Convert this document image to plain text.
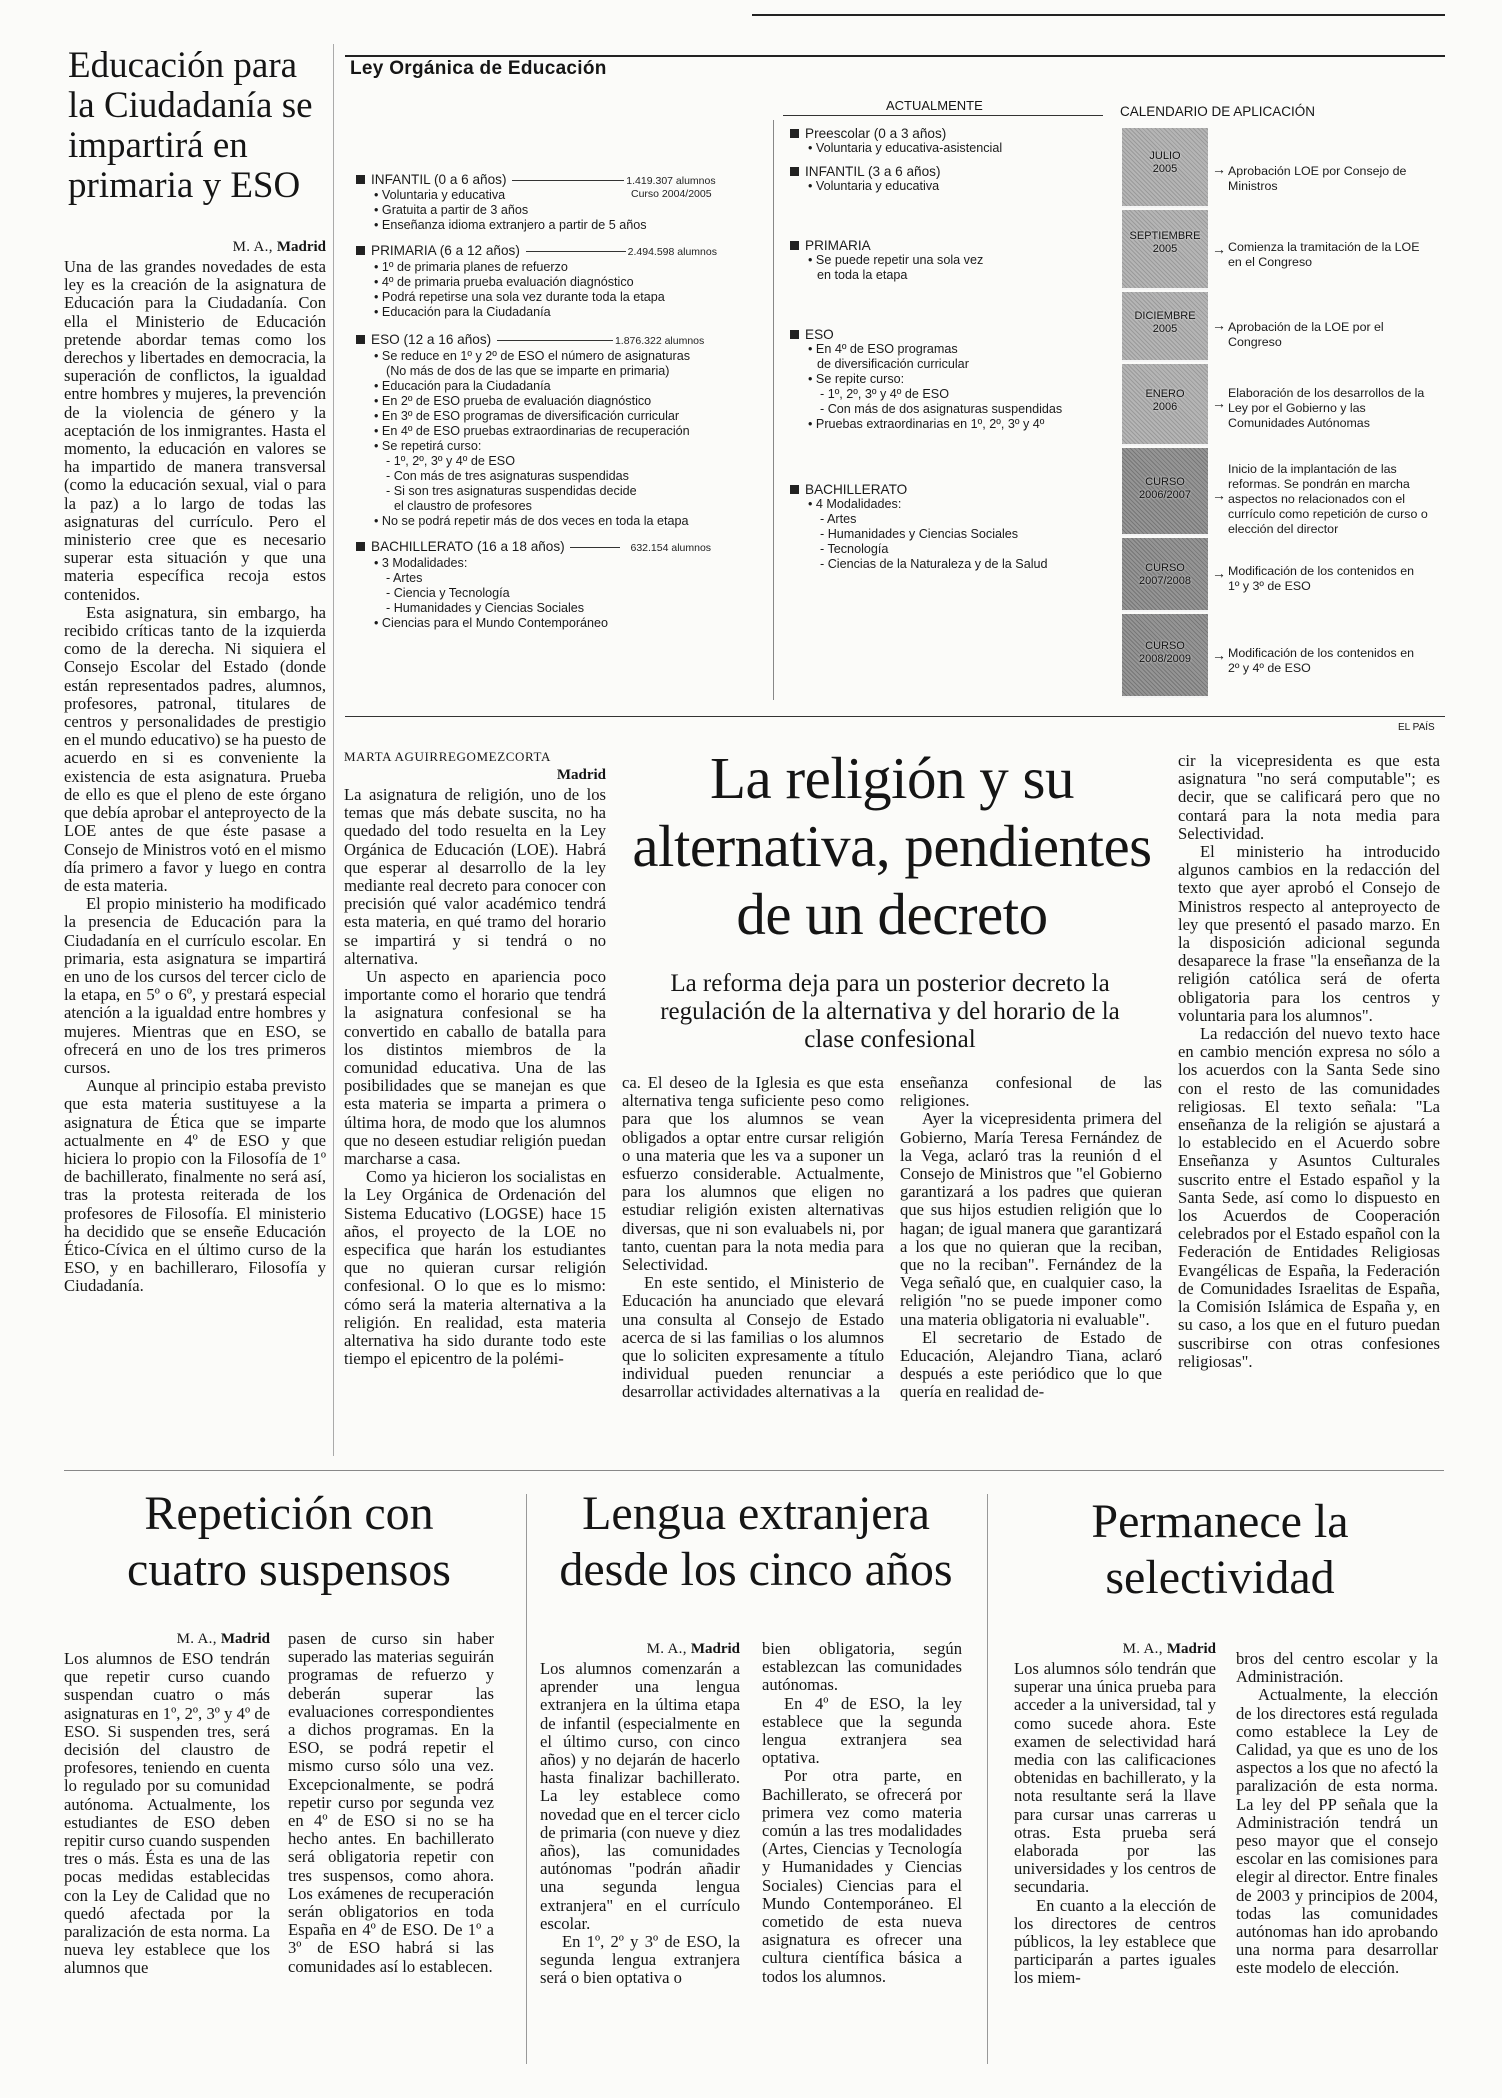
Educación para la Ciudadanía se impartirá en primaria y ESO
M. A., Madrid

Una de las grandes novedades de esta ley es la creación de la asignatura de Educación para la Ciudadanía. Con ella el Ministerio de Educación pretende abordar temas como los derechos y libertades en democracia, la superación de conflictos, la igualdad entre hombres y mujeres, la prevención de la violencia de género y la aceptación de los inmigrantes. Hasta el momento, la educación en valores se ha impartido de manera transversal (como la educación sexual, vial o para la paz) a lo largo de todas las asignaturas del currículo. Pero el ministerio cree que es necesario superar esta situación y que una materia específica recoja estos contenidos.

Esta asignatura, sin embargo, ha recibido críticas tanto de la izquierda como de la derecha. Ni siquiera el Consejo Escolar del Estado (donde están representados padres, alumnos, profesores, patronal, titulares de centros y personalidades de prestigio en el mundo educativo) se ha puesto de acuerdo en si es conveniente la existencia de esta asignatura. Prueba de ello es que el pleno de este órgano que debía aprobar el anteproyecto de la LOE antes de que éste pasase a Consejo de Ministros votó en el mismo día primero a favor y luego en contra de esta materia.

El propio ministerio ha modificado la presencia de Educación para la Ciudadanía en el currículo escolar. En primaria, esta asignatura se impartirá en uno de los cursos del tercer ciclo de la etapa, en 5º o 6º, y prestará especial atención a la igualdad entre hombres y mujeres. Mientras que en ESO, se ofrecerá en uno de los tres primeros cursos.

Aunque al principio estaba previsto que esta materia sustituyese a la asignatura de Ética que se imparte actualmente en 4º de ESO y que hiciera lo propio con la Filosofía de 1º de bachillerato, finalmente no será así, tras la protesta reiterada de los profesores de Filosofía. El ministerio ha decidido que se enseñe Educación Ético-Cívica en el último curso de la ESO, y en bachilleraro, Filosofía y Ciudadanía.

Ley Orgánica de Educación
INFANTIL (0 a 6 años)	1.419.307 alumnos
Curso 2004/2005
• Voluntaria y educativa
• Gratuita a partir de 3 años
• Enseñanza idioma extranjero a partir de 5 años
PRIMARIA (6 a 12 años)	2.494.598 alumnos
• 1º de primaria planes de refuerzo
• 4º de primaria prueba evaluación diagnóstico
• Podrá repetirse una sola vez durante toda la etapa
• Educación para la Ciudadanía
ESO (12 a 16 años)	1.876.322 alumnos
• Se reduce en 1º y 2º de ESO el número de asignaturas
(No más de dos de las que se imparte en primaria)
• Educación para la Ciudadanía
• En 2º de ESO prueba de evaluación diagnóstico
• En 3º de ESO programas de diversificación curricular
• En 4º de ESO pruebas extraordinarias de recuperación
• Se repetirá curso:
- 1º, 2º, 3º y 4º de ESO
- Con más de tres asignaturas suspendidas
- Si son tres asignaturas suspendidas decide
el claustro de profesores
• No se podrá repetir más de dos veces en toda la etapa
BACHILLERATO (16 a 18 años)	632.154 alumnos
• 3 Modalidades:
- Artes
- Ciencia y Tecnología
- Humanidades y Ciencias Sociales
• Ciencias para el Mundo Contemporáneo
ACTUALMENTE
Preescolar (0 a 3 años)
• Voluntaria y educativa-asistencial
INFANTIL (3 a 6 años)
• Voluntaria y educativa
PRIMARIA
• Se puede repetir una sola vez
en toda la etapa
ESO
• En 4º de ESO programas
de diversificación curricular
• Se repite curso:
- 1º, 2º, 3º y 4º de ESO
- Con más de dos asignaturas suspendidas
• Pruebas extraordinarias en 1º, 2º, 3º y 4º
BACHILLERATO
• 4 Modalidades:
- Artes
- Humanidades y Ciencias Sociales
- Tecnología
- Ciencias de la Naturaleza y de la Salud
CALENDARIO DE APLICACIÓN
JULIO
2005	→ Aprobación LOE por Consejo de Ministros
SEPTIEMBRE
2005	→ Comienza la tramitación de la LOE en el Congreso
DICIEMBRE
2005	→ Aprobación de la LOE por el Congreso
ENERO
2006	→
Elaboración de los desarrollos de la Ley por el Gobierno y las Comunidades Autónomas
CURSO
2006/2007	→
Inicio de la implantación de las reformas. Se pondrán en marcha aspectos no relacionados con el currículo como repetición de curso o elección del director
CURSO
2007/2008	→ Modificación de los contenidos en 1º y 3º de ESO
CURSO
2008/2009	→ Modificación de los contenidos en 2º y 4º de ESO
EL PAÍS
MARTA AGUIRREGOMEZCORTA
Madrid

La asignatura de religión, uno de los temas que más debate suscita, no ha quedado del todo resuelta en la Ley Orgánica de Educación (LOE). Habrá que esperar al desarrollo de la ley mediante real decreto para conocer con precisión qué valor académico tendrá esta materia, en qué tramo del horario se impartirá y si tendrá o no alternativa.

Un aspecto en apariencia poco importante como el horario que tendrá la asignatura confesional se ha convertido en caballo de batalla para los distintos miembros de la comunidad educativa. Una de las posibilidades que se manejan es que esta materia se imparta a primera o última hora, de modo que los alumnos que no deseen estudiar religión puedan marcharse a casa.

Como ya hicieron los socialistas en la Ley Orgánica de Ordenación del Sistema Educativo (LOGSE) hace 15 años, el proyecto de la LOE no especifica que harán los estudiantes que no quieran cursar religión confesional. O lo que es lo mismo: cómo será la materia alternativa a la religión. En realidad, esta materia alternativa ha sido durante todo este tiempo el epicentro de la polémi-

La religión y su alternativa, pendientes de un decreto
La reforma deja para un posterior decreto la regulación de la alternativa y del horario de la clase confesional

ca. El deseo de la Iglesia es que esta alternativa tenga suficiente peso como para que los alumnos se vean obligados a optar entre cursar religión o una materia que les va a suponer un esfuerzo considerable. Actualmente, para los alumnos que eligen no estudiar religión existen alternativas diversas, que ni son evaluabels ni, por tanto, cuentan para la nota media para Selectividad.

En este sentido, el Ministerio de Educación ha anunciado que elevará una consulta al Consejo de Estado acerca de si las familias o los alumnos que lo soliciten expresamente a título individual pueden renunciar a desarrollar actividades alternativas a la

enseñanza confesional de las religiones.

Ayer la vicepresidenta primera del Gobierno, María Teresa Fernández de la Vega, aclaró tras la reunión d el Consejo de Ministros que "el Gobierno garantizará a los padres que quieran que sus hijos estudien religión que lo hagan; de igual manera que garantizará a los que no quieran que la reciban, que no la reciban". Fernández de la Vega señaló que, en cualquier caso, la religión "no se puede imponer como una materia obligatoria ni evaluable".

El secretario de Estado de Educación, Alejandro Tiana, aclaró después a este periódico que lo que quería en realidad de-

cir la vicepresidenta es que esta asignatura "no será computable"; es decir, que se calificará pero que no contará para la nota media para Selectividad.

El ministerio ha introducido algunos cambios en la redacción del texto que ayer aprobó el Consejo de Ministros respecto al anteproyecto de ley que presentó el pasado marzo. En la disposición adicional segunda desaparece la frase "la enseñanza de la religión católica será de oferta obligatoria para los centros y voluntaria para los alumnos".

La redacción del nuevo texto hace en cambio mención expresa no sólo a los acuerdos con la Santa Sede sino con el resto de las comunidades religiosas. El texto señala: "La enseñanza de la religión se ajustará a lo establecido en el Acuerdo sobre Enseñanza y Asuntos Culturales suscrito entre el Estado español y la Santa Sede, así como lo dispuesto en los Acuerdos de Cooperación celebrados por el Estado español con la Federación de Entidades Religiosas Evangélicas de España, la Federación de Comunidades Israelitas de España, la Comisión Islámica de España y, en su caso, a los que en el futuro puedan suscribirse con otras confesiones religiosas".

Repetición con cuatro suspensos
M. A., Madrid

Los alumnos de ESO tendrán que repetir curso cuando suspendan cuatro o más asignaturas en 1º, 2º, 3º y 4º de ESO. Si suspenden tres, será decisión del claustro de profesores, teniendo en cuenta lo regulado por su comunidad autónoma. Actualmente, los estudiantes de ESO deben repitir curso cuando suspenden tres o más. Ésta es una de las pocas medidas establecidas con la Ley de Calidad que no quedó afectada por la paralización de esta norma. La nueva ley establece que los alumnos que

pasen de curso sin haber superado las materias seguirán programas de refuerzo y deberán superar las evaluaciones correspondientes a dichos programas. En la ESO, se podrá repetir el mismo curso sólo una vez. Excepcionalmente, se podrá repetir curso por segunda vez en 4º de ESO si no se ha hecho antes. En bachillerato será obligatoria repetir con tres suspensos, como ahora. Los exámenes de recuperación serán obligatorios en toda España en 4º de ESO. De 1º a 3º de ESO habrá si las comunidades así lo establecen.

Lengua extranjera desde los cinco años
M. A., Madrid

Los alumnos comenzarán a aprender una lengua extranjera en la última etapa de infantil (especialmente en el último curso, con cinco años) y no dejarán de hacerlo hasta finalizar bachillerato. La ley establece como novedad que en el tercer ciclo de primaria (con nueve y diez años), las comunidades autónomas "podrán añadir una segunda lengua extranjera" en el currículo escolar.

En 1º, 2º y 3º de ESO, la segunda lengua extranjera será o bien optativa o

bien obligatoria, según establezcan las comunidades autónomas.

En 4º de ESO, la ley establece que la segunda lengua extranjera sea optativa.

Por otra parte, en Bachillerato, se ofrecerá por primera vez como materia común a las tres modalidades (Artes, Ciencias y Tecnología y Humanidades y Ciencias Sociales) Ciencias para el Mundo Contemporáneo. El cometido de esta nueva asignatura es ofrecer una cultura científica básica a todos los alumnos.

Permanece la selectividad
M. A., Madrid

Los alumnos sólo tendrán que superar una única prueba para acceder a la universidad, tal y como sucede ahora. Este examen de selectividad hará media con las calificaciones obtenidas en bachillerato, y la nota resultante será la llave para cursar unas carreras u otras. Esta prueba será elaborada por las universidades y los centros de secundaria.

En cuanto a la elección de los directores de centros públicos, la ley establece que participarán a partes iguales los miem-

bros del centro escolar y la Administración.

Actualmente, la elección de los directores está regulada como establece la Ley de Calidad, ya que es uno de los aspectos a los que no afectó la paralización de esta norma. La ley del PP señala que la Administración tendrá un peso mayor que el consejo escolar en las comisiones para elegir al director. Entre finales de 2003 y principios de 2004, todas las comunidades autónomas han ido aprobando una norma para desarrollar este modelo de elección.
